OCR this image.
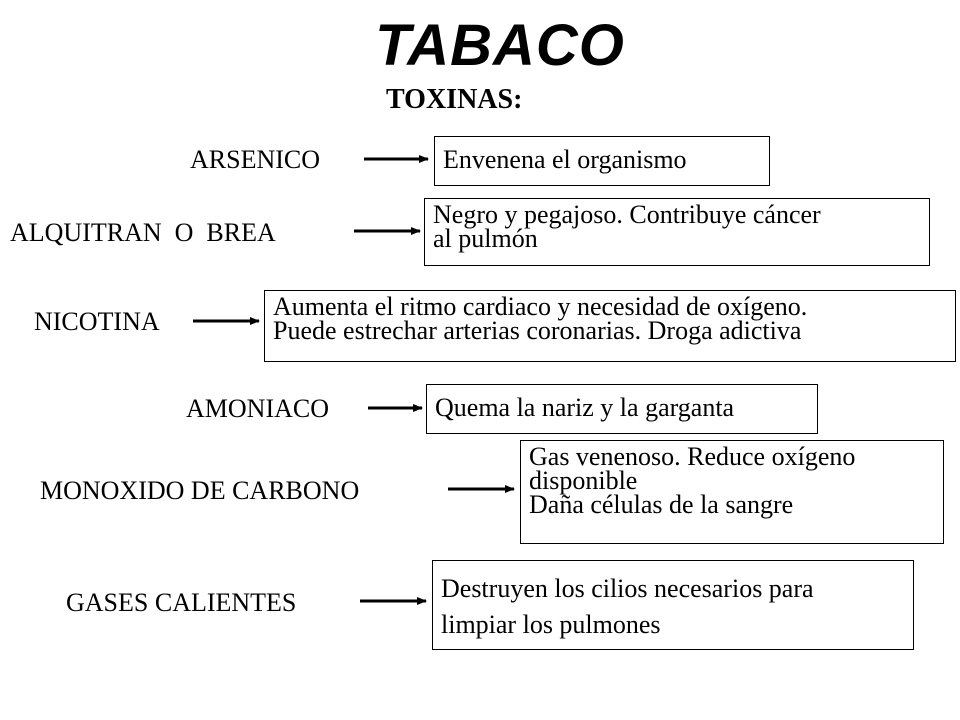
TABACO
TOXINAS:
ARSENICO	Envenena el organismo
ALQUITRAN  O  BREA
Negro y pegajoso. Contribuye cáncer
al pulmón
NICOTINA
Aumenta el ritmo cardiaco y necesidad de oxígeno.
Puede estrechar arterias coronarias. Droga adictiva
AMONIACO	Quema la nariz y la garganta
MONOXIDO DE CARBONO
Gas venenoso. Reduce oxígeno
disponible
Daña células de la sangre
GASES CALIENTES	Destruyen los cilios necesarios para
limpiar los pulmones
